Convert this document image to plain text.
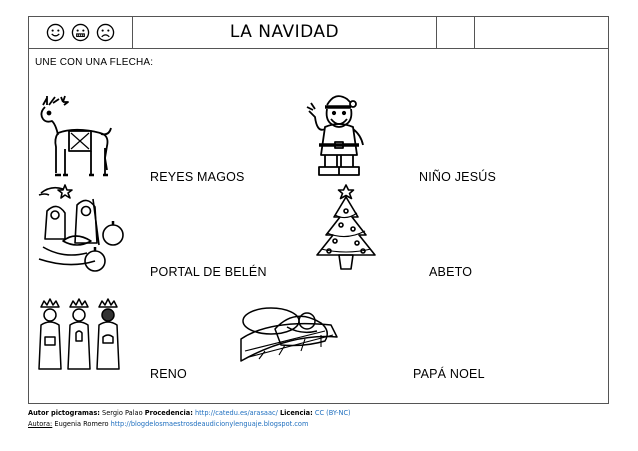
LA NAVIDAD
UNE CON UNA FLECHA:
REYES MAGOS	NIÑO JESÚS
PORTAL DE BELÉN	ABETO
RENO	PAPÁ NOEL
Autor pictogramas: Sergio Palao Procedencia: http://catedu.es/arasaac/ Licencia: CC (BY-NC)
Autora: Eugenia Romero http://blogdelosmaestrosdeaudicionylenguaje.blogspot.com
